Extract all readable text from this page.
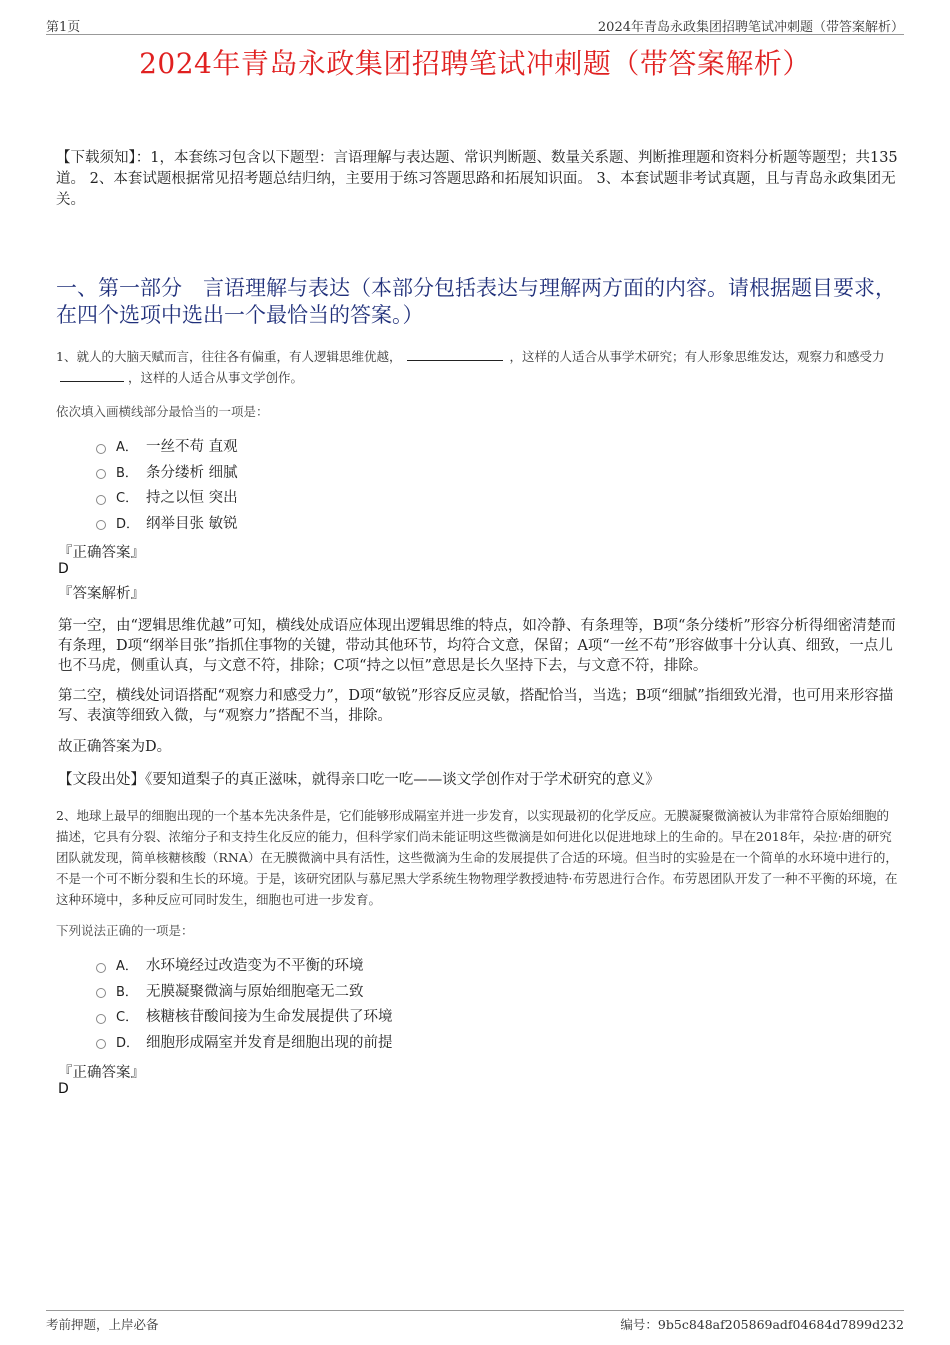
第1页	2024年青岛永政集团招聘笔试冲刺题（带答案解析）
2024年青岛永政集团招聘笔试冲刺题（带答案解析）
【下载须知】：1，本套练习包含以下题型：言语理解与表达题、常识判断题、数量关系题、判断推理题和资料分析题等题型；共135道。 2、本套试题根据常见招考题总结归纳，主要用于练习答题思路和拓展知识面。 3、本套试题非考试真题，且与青岛永政集团无关。
一、第一部分　言语理解与表达（本部分包括表达与理解两方面的内容。请根据题目要求，在四个选项中选出一个最恰当的答案。）
1、就人的大脑天赋而言，往往各有偏重，有人逻辑思维优越，	，这样的人适合从事学术研究；有人形象思维发达，观察力和感受力，这样的人适合从事文学创作。
依次填入画横线部分最恰当的一项是：
A． 一丝不苟 直观
B． 条分缕析 细腻
C． 持之以恒 突出
D． 纲举目张 敏锐
『正确答案』
D
『答案解析』
第一空，由“逻辑思维优越”可知，横线处成语应体现出逻辑思维的特点，如冷静、有条理等，B项“条分缕析”形容分析得细密清楚而有条理，D项“纲举目张”指抓住事物的关键，带动其他环节，均符合文意，保留；A项“一丝不苟”形容做事十分认真、细致，一点儿也不马虎，侧重认真，与文意不符，排除；C项“持之以恒”意思是长久坚持下去，与文意不符，排除。
第二空，横线处词语搭配“观察力和感受力”，D项“敏锐”形容反应灵敏，搭配恰当，当选；B项“细腻”指细致光滑，也可用来形容描写、表演等细致入微，与“观察力”搭配不当，排除。
故正确答案为D。
【文段出处】《要知道梨子的真正滋味，就得亲口吃一吃——谈文学创作对于学术研究的意义》
2、地球上最早的细胞出现的一个基本先决条件是，它们能够形成隔室并进一步发育，以实现最初的化学反应。无膜凝聚微滴被认为非常符合原始细胞的描述，它具有分裂、浓缩分子和支持生化反应的能力，但科学家们尚未能证明这些微滴是如何进化以促进地球上的生命的。早在2018年，朵拉·唐的研究团队就发现，简单核糖核酸（RNA）在无膜微滴中具有活性，这些微滴为生命的发展提供了合适的环境。但当时的实验是在一个简单的水环境中进行的，不是一个可不断分裂和生长的环境。于是，该研究团队与慕尼黑大学系统生物物理学教授迪特·布劳恩进行合作。布劳恩团队开发了一种不平衡的环境，在这种环境中，多种反应可同时发生，细胞也可进一步发育。
下列说法正确的一项是：
A． 水环境经过改造变为不平衡的环境
B． 无膜凝聚微滴与原始细胞毫无二致
C． 核糖核苷酸间接为生命发展提供了环境
D． 细胞形成隔室并发育是细胞出现的前提
『正确答案』
D
考前押题，上岸必备	编号：9b5c848af205869adf04684d7899d232
